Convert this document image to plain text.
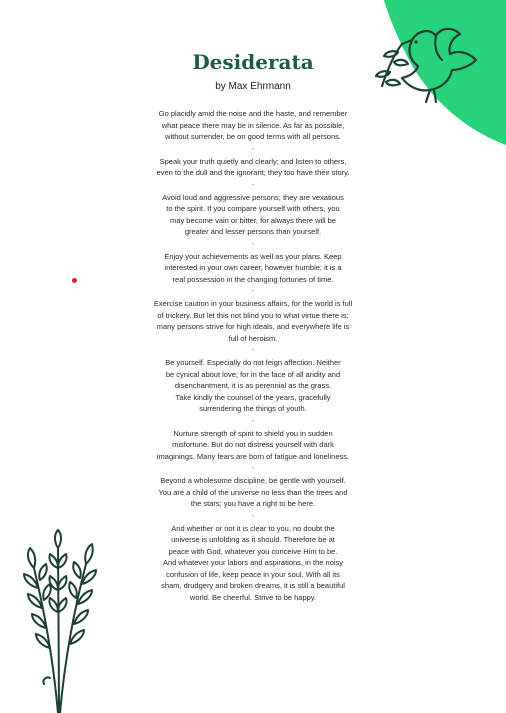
Desiderata
by Max Ehrmann
Go placidly amid the noise and the haste, and remember
what peace there may be in silence. As far as possible,
without surrender, be on good terms with all persons.
-
Speak your truth quietly and clearly; and listen to others,
even to the dull and the ignorant; they too have their story.
-
Avoid loud and aggressive persons; they are vexatious
to the spirit. If you compare yourself with others, you
may become vain or bitter, for always there will be
greater and lesser persons than yourself.
-
Enjoy your achievements as well as your plans. Keep
interested in your own career, however humble; it is a
real possession in the changing fortunes of time.
-
Exercise caution in your business affairs, for the world is full
of trickery. But let this not blind you to what virtue there is;
many persons strive for high ideals, and everywhere life is
full of heroism.
-
Be yourself. Especially do not feign affection. Neither
be cynical about love; for in the face of all aridity and
disenchantment, it is as perennial as the grass.
Take kindly the counsel of the years, gracefully
surrendering the things of youth.
-
Nurture strength of spirit to shield you in sudden
misfortune. But do not distress yourself with dark
imaginings. Many fears are born of fatigue and loneliness.
-
Beyond a wholesome discipline, be gentle with yourself.
You are a child of the universe no less than the trees and
the stars; you have a right to be here.
-
And whether or not it is clear to you, no doubt the
universe is unfolding as it should. Therefore be at
peace with God, whatever you conceive Him to be.
And whatever your labors and aspirations, in the noisy
confusion of life, keep peace in your soul. With all its
sham, drudgery and broken dreams, it is still a beautiful
world. Be cheerful. Strive to be happy.
